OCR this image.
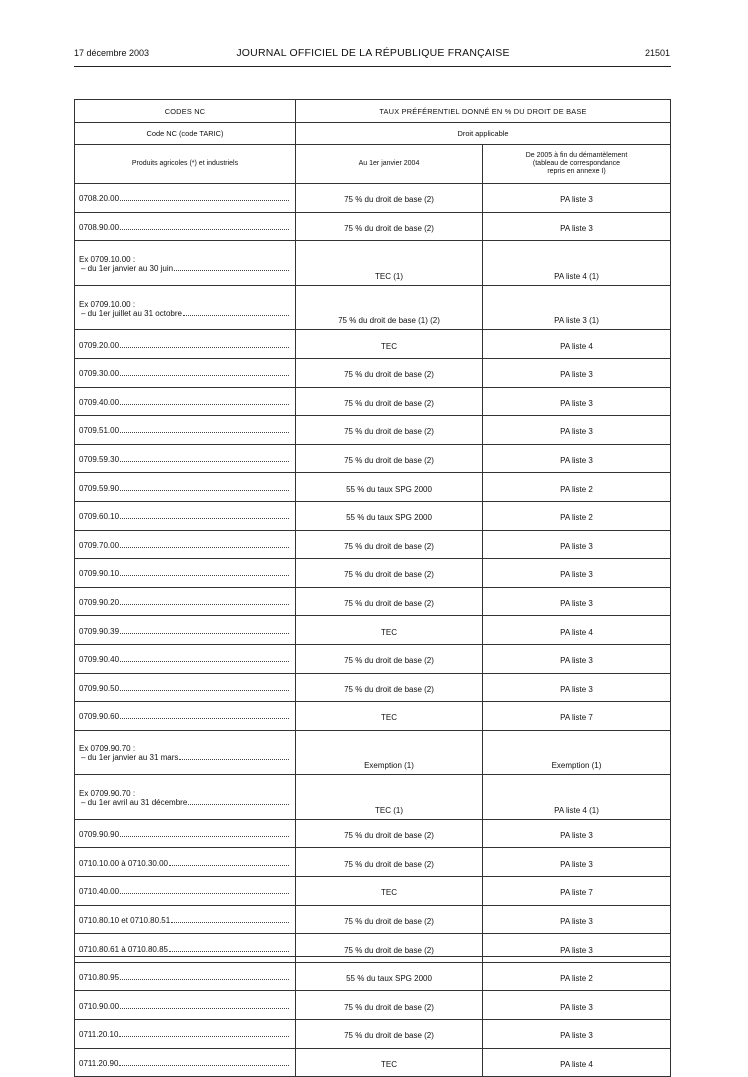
17 décembre 2003	JOURNAL OFFICIEL DE LA RÉPUBLIQUE FRANÇAISE	21501
CODES NC	TAUX PRÉFÉRENTIEL DONNÉ EN % DU DROIT DE BASE	
Code NC (code TARIC)	Droit applicable	
Produits agricoles (*) et industriels	Au 1er janvier 2004	De 2005 à fin du démantèlement
(tableau de correspondance
repris en annexe I)

0708.20.00	75 % du droit de base (2)	PA liste 3

0708.90.00	75 % du droit de base (2)	PA liste 3

Ex 0709.10.00 :
– du 1er janvier au 30 juin	TEC (1)	PA liste 4 (1)

Ex 0709.10.00 :
– du 1er juillet au 31 octobre	75 % du droit de base (1) (2)	PA liste 3 (1)

0709.20.00	TEC	PA liste 4

0709.30.00	75 % du droit de base (2)	PA liste 3

0709.40.00	75 % du droit de base (2)	PA liste 3

0709.51.00	75 % du droit de base (2)	PA liste 3

0709.59.30	75 % du droit de base (2)	PA liste 3

0709.59.90	55 % du taux SPG 2000	PA liste 2

0709.60.10	55 % du taux SPG 2000	PA liste 2

0709.70.00	75 % du droit de base (2)	PA liste 3

0709.90.10	75 % du droit de base (2)	PA liste 3

0709.90.20	75 % du droit de base (2)	PA liste 3

0709.90.39	TEC	PA liste 4

0709.90.40	75 % du droit de base (2)	PA liste 3

0709.90.50	75 % du droit de base (2)	PA liste 3

0709.90.60	TEC	PA liste 7

Ex 0709.90.70 :
– du 1er janvier au 31 mars	Exemption (1)	Exemption (1)

Ex 0709.90.70 :
– du 1er avril au 31 décembre	TEC (1)	PA liste 4 (1)

0709.90.90	75 % du droit de base (2)	PA liste 3

0710.10.00 à 0710.30.00	75 % du droit de base (2)	PA liste 3

0710.40.00	TEC	PA liste 7

0710.80.10 et 0710.80.51	75 % du droit de base (2)	PA liste 3

0710.80.61 à 0710.80.85	75 % du droit de base (2)	PA liste 3

0710.80.95	55 % du taux SPG 2000	PA liste 2

0710.90.00	75 % du droit de base (2)	PA liste 3

0711.20.10	75 % du droit de base (2)	PA liste 3

0711.20.90	TEC	PA liste 4
